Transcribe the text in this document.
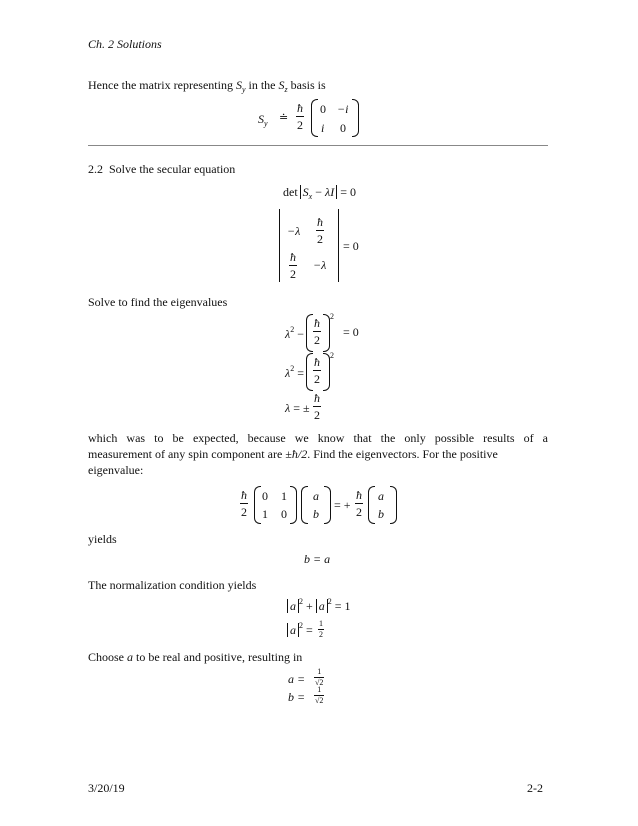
Ch. 2 Solutions
Hence the matrix representing $S_y$ in the $S_z$ basis is
$S_y$ ≐
ħ
2
0 −i
i 0
2.2 Solve the secular equation
$\det S_x - \lambda I = 0$
−λ
ħ
2
ħ
2
−λ
= 0
Solve to find the eigenvalues
$\lambda^2$ −
ħ
2
2
= 0
$\lambda^2$ =
ħ
2
2
λ = ±
ħ
2
which was to be expected, because we know that the only possible results of a
measurement of any spin component are ±ħ/2. Find the eigenvectors. For the positive
eigenvalue:
ħ
2
0 1
1 0
a
b
= +
ħ
2
a
b
yields
b = a
The normalization condition yields
a $^2$ + a $^2$ = 1
a $^2$ = 1
2
Choose a to be real and positive, resulting in
a =
1
√2
b =
1
√2
3/20/19	2-2
